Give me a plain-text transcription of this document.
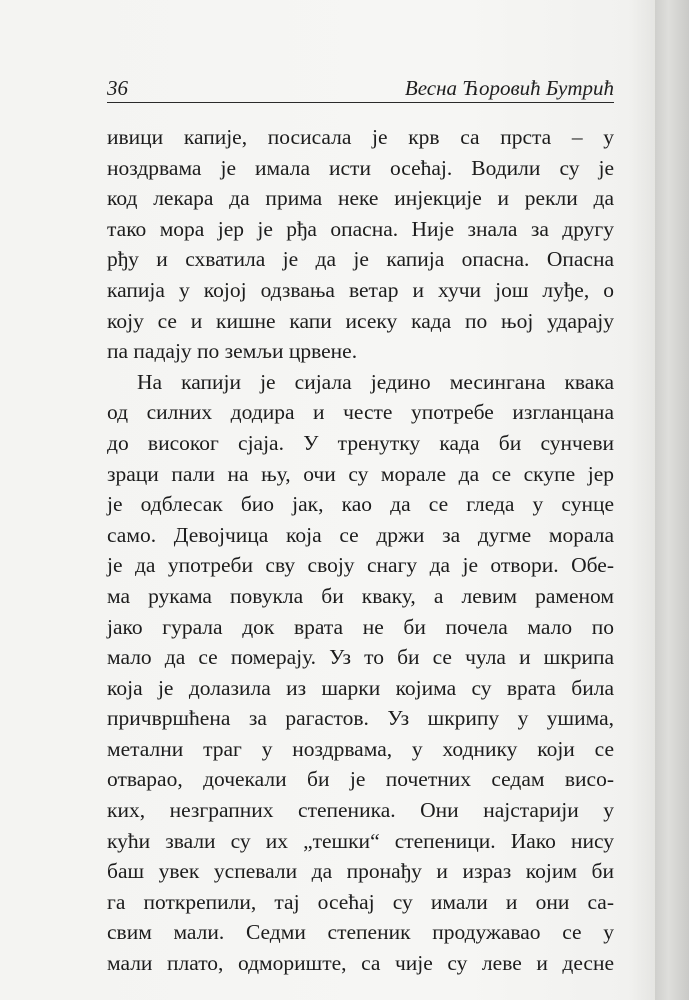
36	Весна Ћоровић Бутрић
ивици капије, посисала је крв са прста – у
ноздрвама је имала исти осећај. Водили су је
код лекара да прима неке инјекције и рекли да
тако мора јер је рђа опасна. Није знала за другу
рђу и схватила је да је капија опасна. Опасна
капија у којој одзвања ветар и хучи још луђе, о
коју се и кишне капи исеку када по њој ударају
па падају по земљи црвене.
На капији је сијала једино месингана квака
од силних додира и честе употребе изгланцана
до високог сјаја. У тренутку када би сунчеви
зраци пали на њу, очи су морале да се скупе јер
је одблесак био јак, као да се гледа у сунце
само. Девојчица која се држи за дугме морала
је да употреби сву своју снагу да је отвори. Обе-
ма рукама повукла би кваку, а левим раменом
јако гурала док врата не би почела мало по
мало да се померају. Уз то би се чула и шкрипа
која је долазила из шарки којима су врата била
причвршћена за рагастов. Уз шкрипу у ушима,
метални траг у ноздрвама, у ходнику који се
отварао, дочекали би је почетних седам висо-
ких, незграпних степеника. Они најстарији у
кући звали су их „тешки“ степеници. Иако нису
баш увек успевали да пронађу и израз којим би
га поткрепили, тај осећај су имали и они са-
свим мали. Седми степеник продужавао се у
мали плато, одмориште, са чије су леве и десне
